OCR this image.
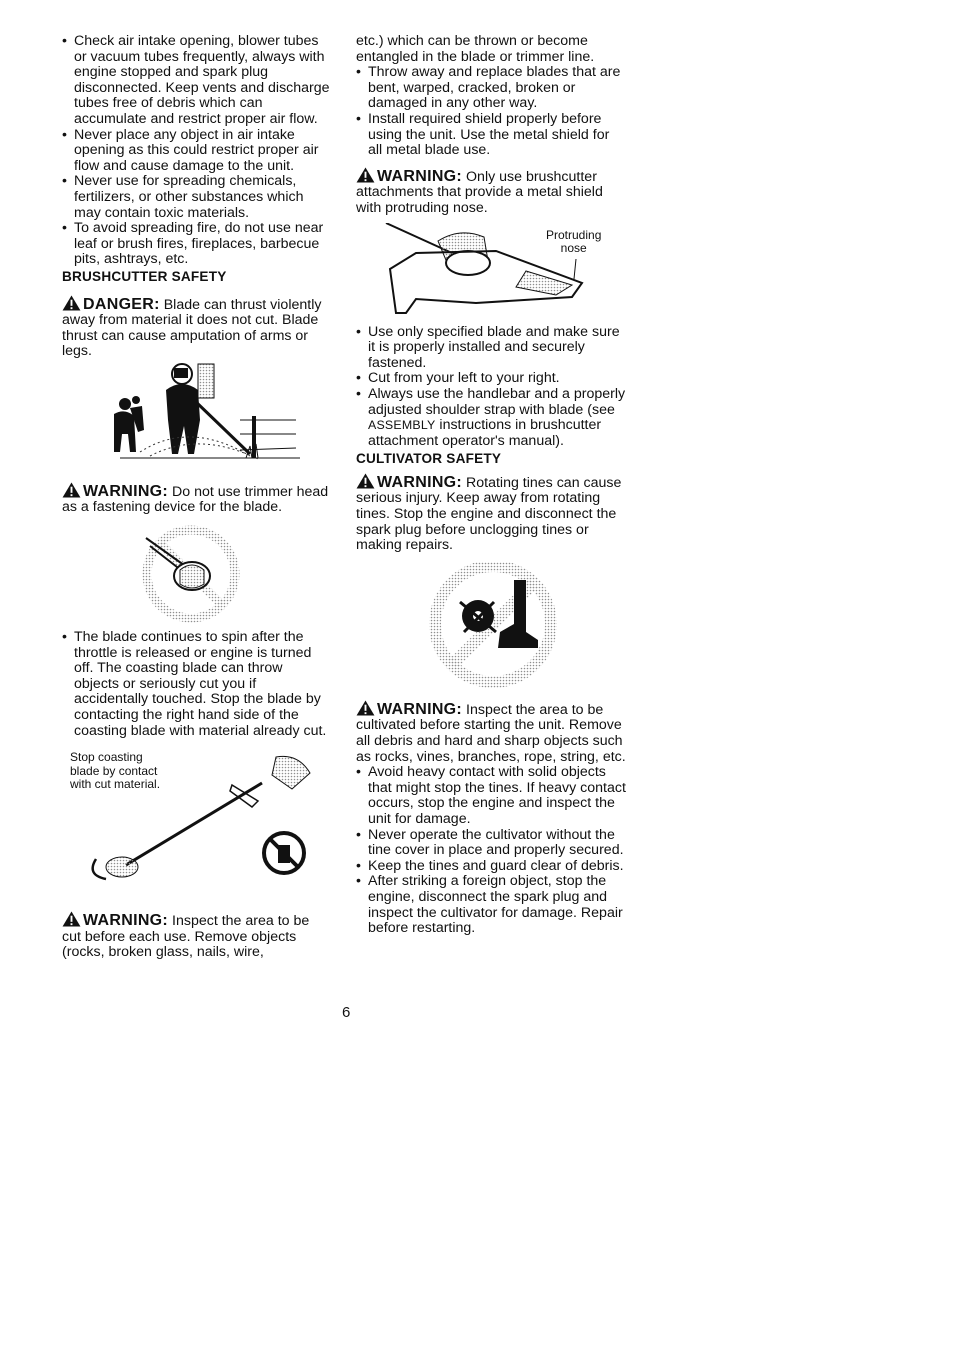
• Check air intake opening, blower tubes or vacuum tubes frequently, always with engine stopped and spark plug disconnected. Keep vents and discharge tubes free of debris which can accumulate and restrict proper air flow.
• Never place any object in air intake opening as this could restrict proper air flow and cause damage to the unit.
• Never use for spreading chemicals, fertilizers, or other substances which may contain toxic materials.
• To avoid spreading fire, do not use near leaf or brush fires, fireplaces, barbecue pits, ashtrays, etc.
BRUSHCUTTER SAFETY

DANGER: Blade can thrust violently away from material it does not cut. Blade thrust can cause amputation of arms or legs.

WARNING: Do not use trimmer head as a fastening device for the blade.

• The blade continues to spin after the throttle is released or engine is turned off. The coasting blade can throw objects or seriously cut you if accidentally touched. Stop the blade by contacting the right hand side of the coasting blade with material already cut.
Stop coasting
blade by contact
with cut material.

WARNING: Inspect the area to be cut before each use. Remove objects (rocks, broken glass, nails, wire,

etc.) which can be thrown or become entangled in the blade or trimmer line.

• Throw away and replace blades that are bent, warped, cracked, broken or damaged in any other way.
• Install required shield properly before using the unit. Use the metal shield for all metal blade use.

WARNING: Only use brushcutter attachments that provide a metal shield with protruding nose.

Protruding
nose
• Use only specified blade and make sure it is properly installed and securely fastened.
• Cut from your left to your right.
• Always use the handlebar and a properly adjusted shoulder strap with blade (see ASSEMBLY instructions in brushcutter attachment operator's manual).
CULTIVATOR SAFETY

WARNING: Rotating tines can cause serious injury. Keep away from rotating tines. Stop the engine and disconnect the spark plug before unclogging tines or making repairs.

WARNING: Inspect the area to be cultivated before starting the unit. Remove all debris and hard and sharp objects such as rocks, vines, branches, rope, string, etc.

• Avoid heavy contact with solid objects that might stop the tines. If heavy contact occurs, stop the engine and inspect the unit for damage.
• Never operate the cultivator without the tine cover in place and properly secured.
• Keep the tines and guard clear of debris.
• After striking a foreign object, stop the engine, disconnect the spark plug and inspect the cultivator for damage. Repair before restarting.
6
